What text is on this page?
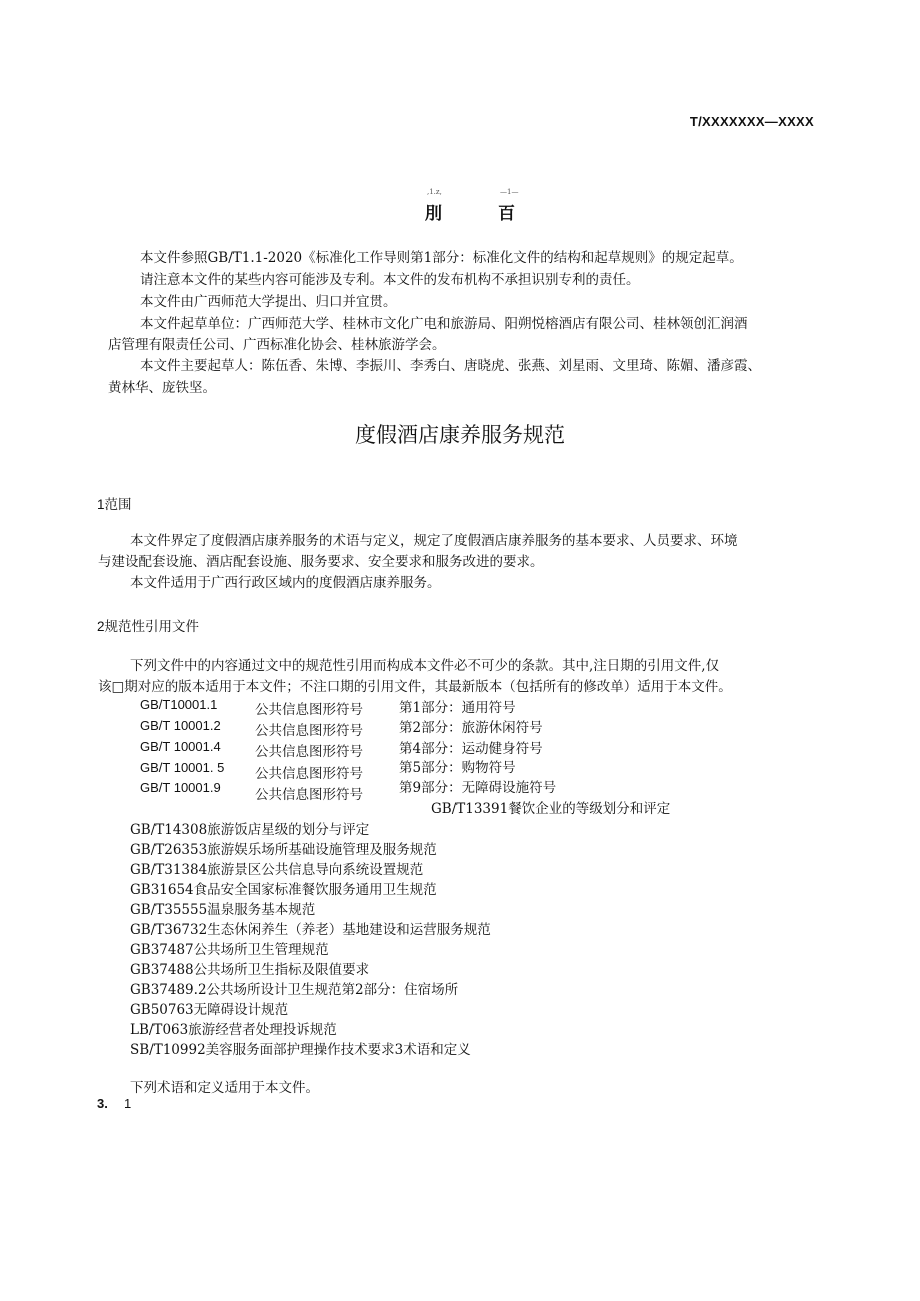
T/XXXXXXX—XXXX
,1.z,	—1—
刖	百
本文件参照GB/T1.1-2020《标准化工作导则第1部分：标准化文件的结构和起草规则》的规定起草。
请注意本文件的某些内容可能涉及专利。本文件的发布机构不承担识别专利的责任。
本文件由广西师范大学提出、归口并宜贯。
本文件起草单位：广西师范大学、桂林市文化广电和旅游局、阳朔悦榕酒店有限公司、桂林领创汇润酒
店管理有限责任公司、广西标准化协会、桂林旅游学会。
本文件主要起草人：陈伍香、朱博、李振川、李秀白、唐晓虎、张燕、刘星雨、文里琦、陈媚、潘彦霞、
黄林华、庞铁坚。
度假酒店康养服务规范
1范围
本文件界定了度假酒店康养服务的术语与定义，规定了度假酒店康养服务的基本要求、人员要求、环境
与建设配套设施、酒店配套设施、服务要求、安全要求和服务改进的要求。
本文件适用于广西行政区域内的度假酒店康养服务。
2规范性引用文件
下列文件中的内容通过文中的规范性引用而构成本文件必不可少的条款。其中,注日期的引用文件,仅
该□期对应的版本适用于本文件；不注口期的引用文件，其最新版本（包括所有的修改单）适用于本文件。
GB/T10001.1	公共信息图形符号	第1部分：通用符号
GB/T 10001.2	公共信息图形符号	第2部分：旅游休闲符号
GB/T 10001.4	公共信息图形符号	第4部分：运动健身符号
GB/T 10001. 5 公共信息图形符号	第5部分：购物符号
GB/T 10001.9	公共信息图形符号	第9部分：无障碍设施符号
GB/T13391餐饮企业的等级划分和评定
GB/T14308旅游饭店星级的划分与评定
GB/T26353旅游娱乐场所基础设施管理及服务规范
GB/T31384旅游景区公共信息导向系统设置规范
GB31654食品安全国家标准餐饮服务通用卫生规范
GB/T35555温泉服务基本规范
GB/T36732生态休闲养生（养老）基地建设和运营服务规范
GB37487公共场所卫生管理规范
GB37488公共场所卫生指标及限值要求
GB37489.2公共场所设计卫生规范第2部分：住宿场所
GB50763无障碍设计规范
LB/T063旅游经营者处理投诉规范
SB/T10992美容服务面部护理操作技术要求3术语和定义
下列术语和定义适用于本文件。
3. 1
